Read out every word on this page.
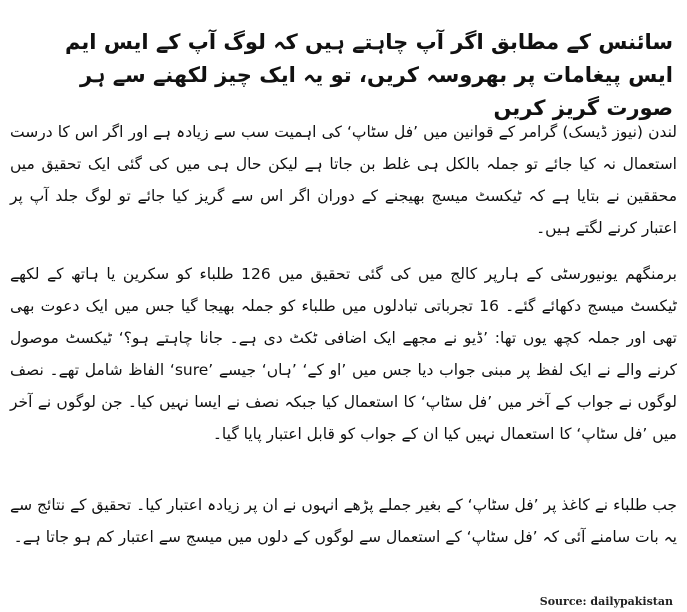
سائنس کے مطابق اگر آپ چاہتے ہیں کہ لوگ آپ کے ایس ایم ایس پیغامات پر بھروسہ کریں، تو یہ ایک چیز لکھنے سے ہر صورت گریز کریں

لندن (نیوز ڈیسک) گرامر کے قوانین میں ’فل سٹاپ‘ کی اہمیت سب سے زیادہ ہے اور اگر اس کا درست استعمال نہ کیا جائے تو جملہ بالکل ہی غلط بن جاتا ہے لیکن حال ہی میں کی گئی ایک تحقیق میں محققین نے بتایا ہے کہ ٹیکسٹ میسج بھیجنے کے دوران اگر اس سے گریز کیا جائے تو لوگ جلد آپ پر اعتبار کرنے لگتے ہیں۔

برمنگھم یونیورسٹی کے ہارپر کالج میں کی گئی تحقیق میں 126 طلباء کو سکرین یا ہاتھ کے لکھے ٹیکسٹ میسج دکھائے گئے۔ 16 تجرباتی تبادلوں میں طلباء کو جملہ بھیجا گیا جس میں ایک دعوت بھی تھی اور جملہ کچھ یوں تھا: ’ڈیو نے مجھے ایک اضافی ٹکٹ دی ہے۔ جانا چاہتے ہو؟‘ ٹیکسٹ موصول کرنے والے نے ایک لفظ پر مبنی جواب دیا جس میں ’او کے‘ ’ہاں‘ جیسے ’sure‘ الفاظ شامل تھے۔ نصف لوگوں نے جواب کے آخر میں ’فل سٹاپ‘ کا استعمال کیا جبکہ نصف نے ایسا نہیں کیا۔ جن لوگوں نے آخر میں ’فل سٹاپ‘ کا استعمال نہیں کیا ان کے جواب کو قابل اعتبار پایا گیا۔

جب طلباء نے کاغذ پر ’فل سٹاپ‘ کے بغیر جملے پڑھے انہوں نے ان پر زیادہ اعتبار کیا۔ تحقیق کے نتائج سے یہ بات سامنے آئی کہ ’فل سٹاپ‘ کے استعمال سے لوگوں کے دلوں میں میسج سے اعتبار کم ہو جاتا ہے۔

Source: dailypakistan
